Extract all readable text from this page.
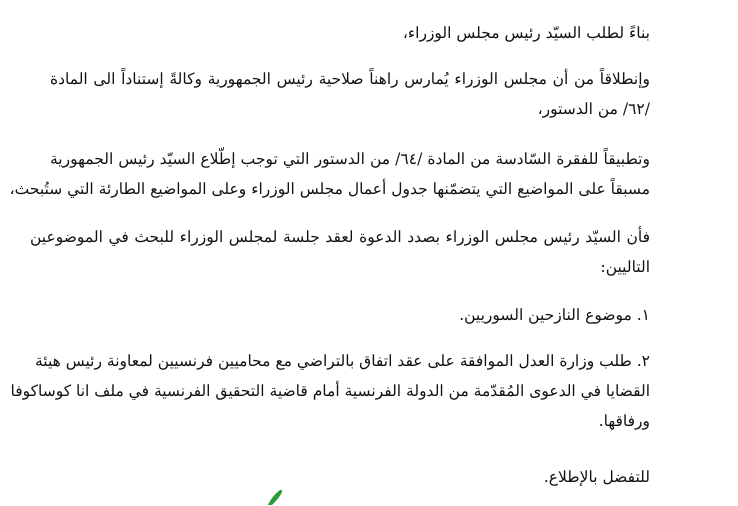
بناءً لطلب السيّد رئيس مجلس الوزراء،

وإنطلاقاً من أن مجلس الوزراء يُمارس راهناً صلاحية رئيس الجمهورية وكالةً إستناداً الى المادة

/٦٢/ من الدستور،

وتطبيقاً للفقرة السّادسة من المادة /٦٤/ من الدستور التي توجب إطّلاع السيّد رئيس الجمهورية

مسبقاً على المواضيع التي يتضمّنها جدول أعمال مجلس الوزراء وعلى المواضيع الطارئة التي ستُبحث،

فأن السيّد رئيس مجلس الوزراء بصدد الدعوة لعقد جلسة لمجلس الوزراء للبحث في الموضوعين

التاليين:

١. موضوع النازحين السوريين.

٢. طلب وزارة العدل الموافقة على عقد اتفاق بالتراضي مع محاميين فرنسيين لمعاونة رئيس هيئة

القضايا في الدعوى المُقدّمة من الدولة الفرنسية أمام قاضية التحقيق الفرنسية في ملف انا كوساكوفا

ورفاقها.

للتفضل بالإطلاع.
